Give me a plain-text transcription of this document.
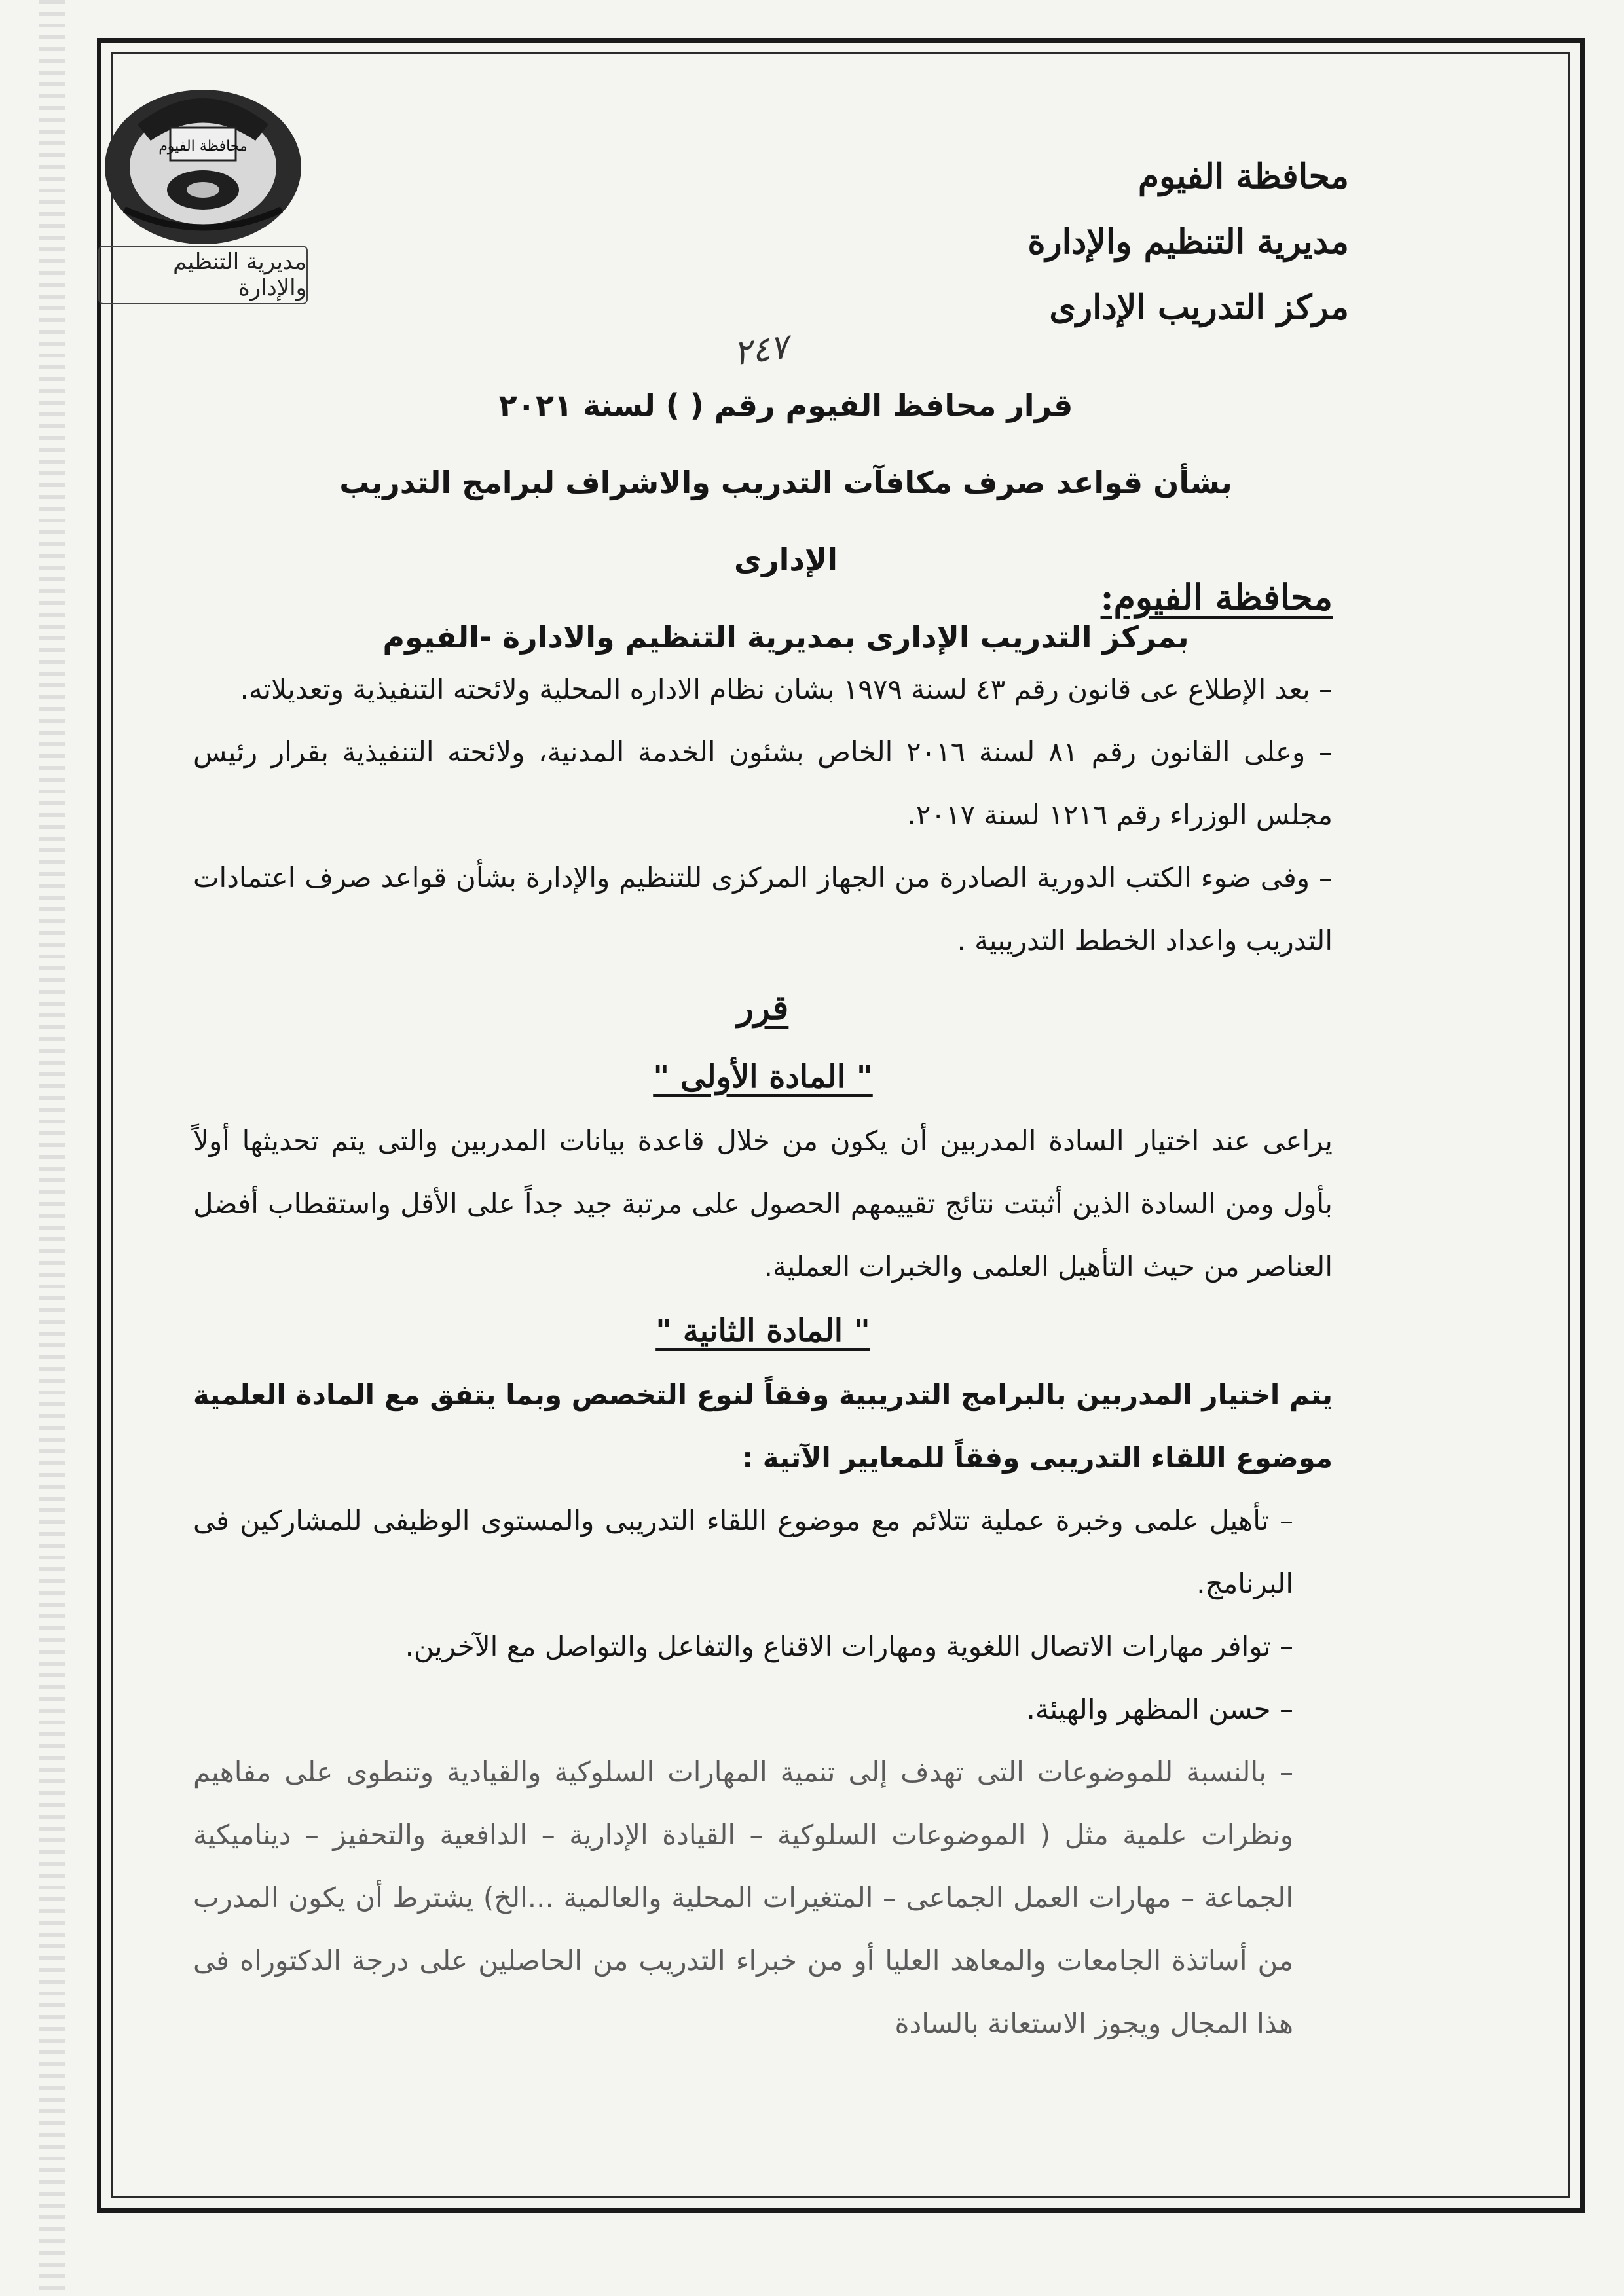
محافظة الفيوم
مديرية التنظيم والإدارة
محافظة الفيوم
مديرية التنظيم والإدارة
مركز التدريب الإدارى
٢٤٧
قرار محافظ الفيوم رقم ( ) لسنة ٢٠٢١
بشأن قواعد صرف مكافآت التدريب والاشراف لبرامج التدريب الإدارى
بمركز التدريب الإدارى بمديرية التنظيم والادارة -الفيوم
محافظة الفيوم:

– بعد الإطلاع عى قانون رقم ٤٣ لسنة ١٩٧٩ بشان نظام الاداره المحلية ولائحته التنفيذية وتعديلاته.

– وعلى القانون رقم ٨١ لسنة ٢٠١٦ الخاص بشئون الخدمة المدنية، ولائحته التنفيذية بقرار رئيس مجلس الوزراء رقم ١٢١٦ لسنة ٢٠١٧.

– وفى ضوء الكتب الدورية الصادرة من الجهاز المركزى للتنظيم والإدارة بشأن قواعد صرف اعتمادات التدريب واعداد الخطط التدريبية .

قرر
" المادة الأولى "

يراعى عند اختيار السادة المدربين أن يكون من خلال قاعدة بيانات المدربين والتى يتم تحديثها أولاً بأول ومن السادة الذين أثبتت نتائج تقييمهم الحصول على مرتبة جيد جداً على الأقل واستقطاب أفضل العناصر من حيث التأهيل العلمى والخبرات العملية.

" المادة الثانية "

يتم اختيار المدربين بالبرامج التدريبية وفقاً لنوع التخصص وبما يتفق مع المادة العلمية موضوع اللقاء التدريبى وفقاً للمعايير الآتية :

– تأهيل علمى وخبرة عملية تتلائم مع موضوع اللقاء التدريبى والمستوى الوظيفى للمشاركين فى البرنامج.

– توافر مهارات الاتصال اللغوية ومهارات الاقناع والتفاعل والتواصل مع الآخرين.

– حسن المظهر والهيئة.

– بالنسبة للموضوعات التى تهدف إلى تنمية المهارات السلوكية والقيادية وتنطوى على مفاهيم ونظرات علمية مثل ( الموضوعات السلوكية – القيادة الإدارية – الدافعية والتحفيز – ديناميكية الجماعة – مهارات العمل الجماعى – المتغيرات المحلية والعالمية ...الخ) يشترط أن يكون المدرب من أساتذة الجامعات والمعاهد العليا أو من خبراء التدريب من الحاصلين على درجة الدكتوراه فى هذا المجال ويجوز الاستعانة بالسادة
